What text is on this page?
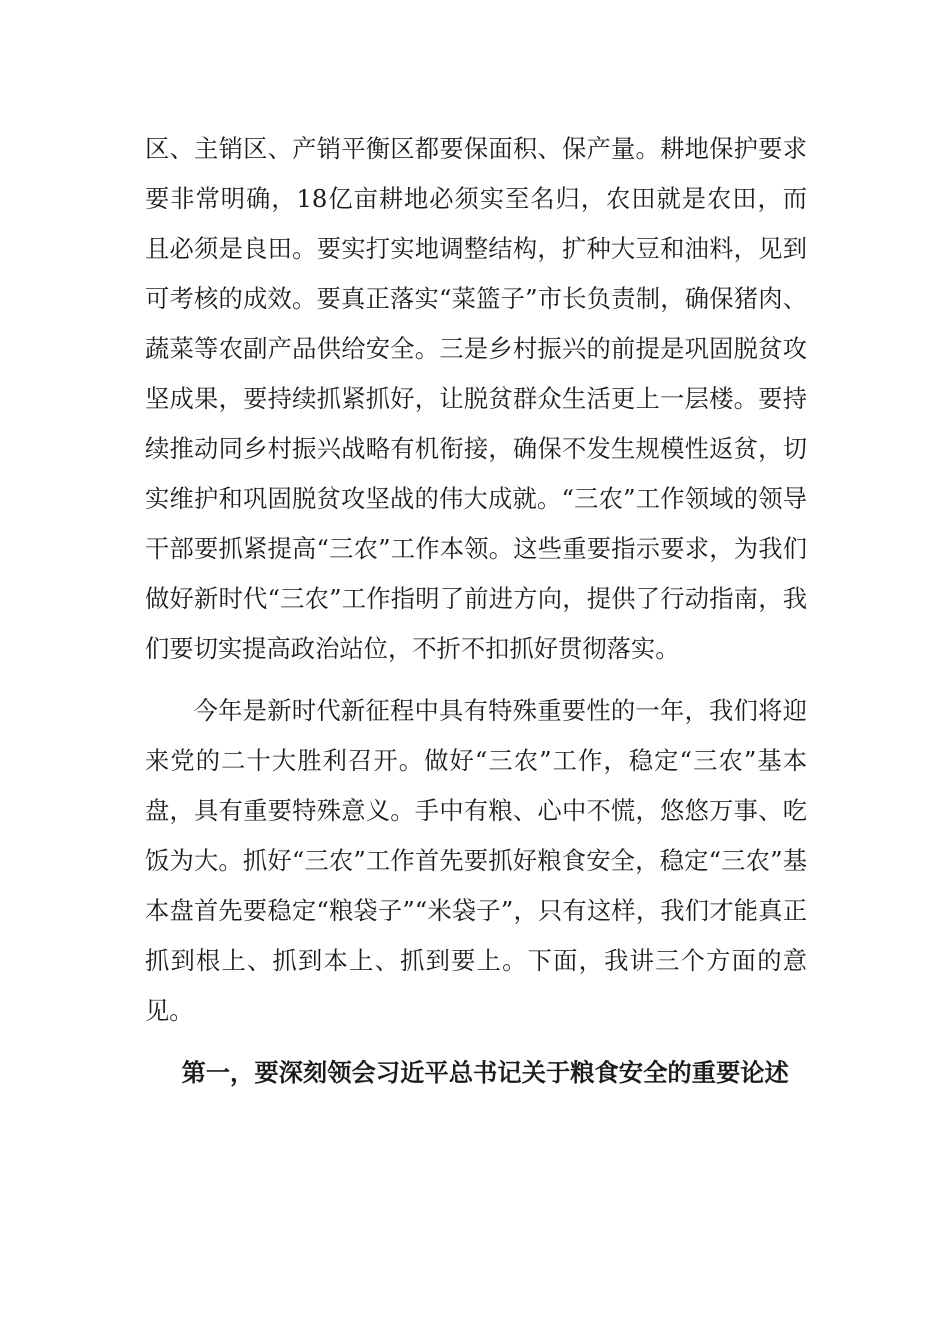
区、主销区、产销平衡区都要保面积、保产量。耕地保护要求要非常明确，18亿亩耕地必须实至名归，农田就是农田，而且必须是良田。要实打实地调整结构，扩种大豆和油料，见到可考核的成效。要真正落实“菜篮子”市长负责制，确保猪肉、蔬菜等农副产品供给安全。三是乡村振兴的前提是巩固脱贫攻坚成果，要持续抓紧抓好，让脱贫群众生活更上一层楼。要持续推动同乡村振兴战略有机衔接，确保不发生规模性返贫，切实维护和巩固脱贫攻坚战的伟大成就。“三农”工作领域的领导干部要抓紧提高“三农”工作本领。这些重要指示要求，为我们做好新时代“三农”工作指明了前进方向，提供了行动指南，我们要切实提高政治站位，不折不扣抓好贯彻落实。

今年是新时代新征程中具有特殊重要性的一年，我们将迎来党的二十大胜利召开。做好“三农”工作，稳定“三农”基本盘，具有重要特殊意义。手中有粮、心中不慌，悠悠万事、吃饭为大。抓好“三农”工作首先要抓好粮食安全，稳定“三农”基本盘首先要稳定“粮袋子”“米袋子”，只有这样，我们才能真正抓到根上、抓到本上、抓到要上。下面，我讲三个方面的意见。

第一，要深刻领会习近平总书记关于粮食安全的重要论述
